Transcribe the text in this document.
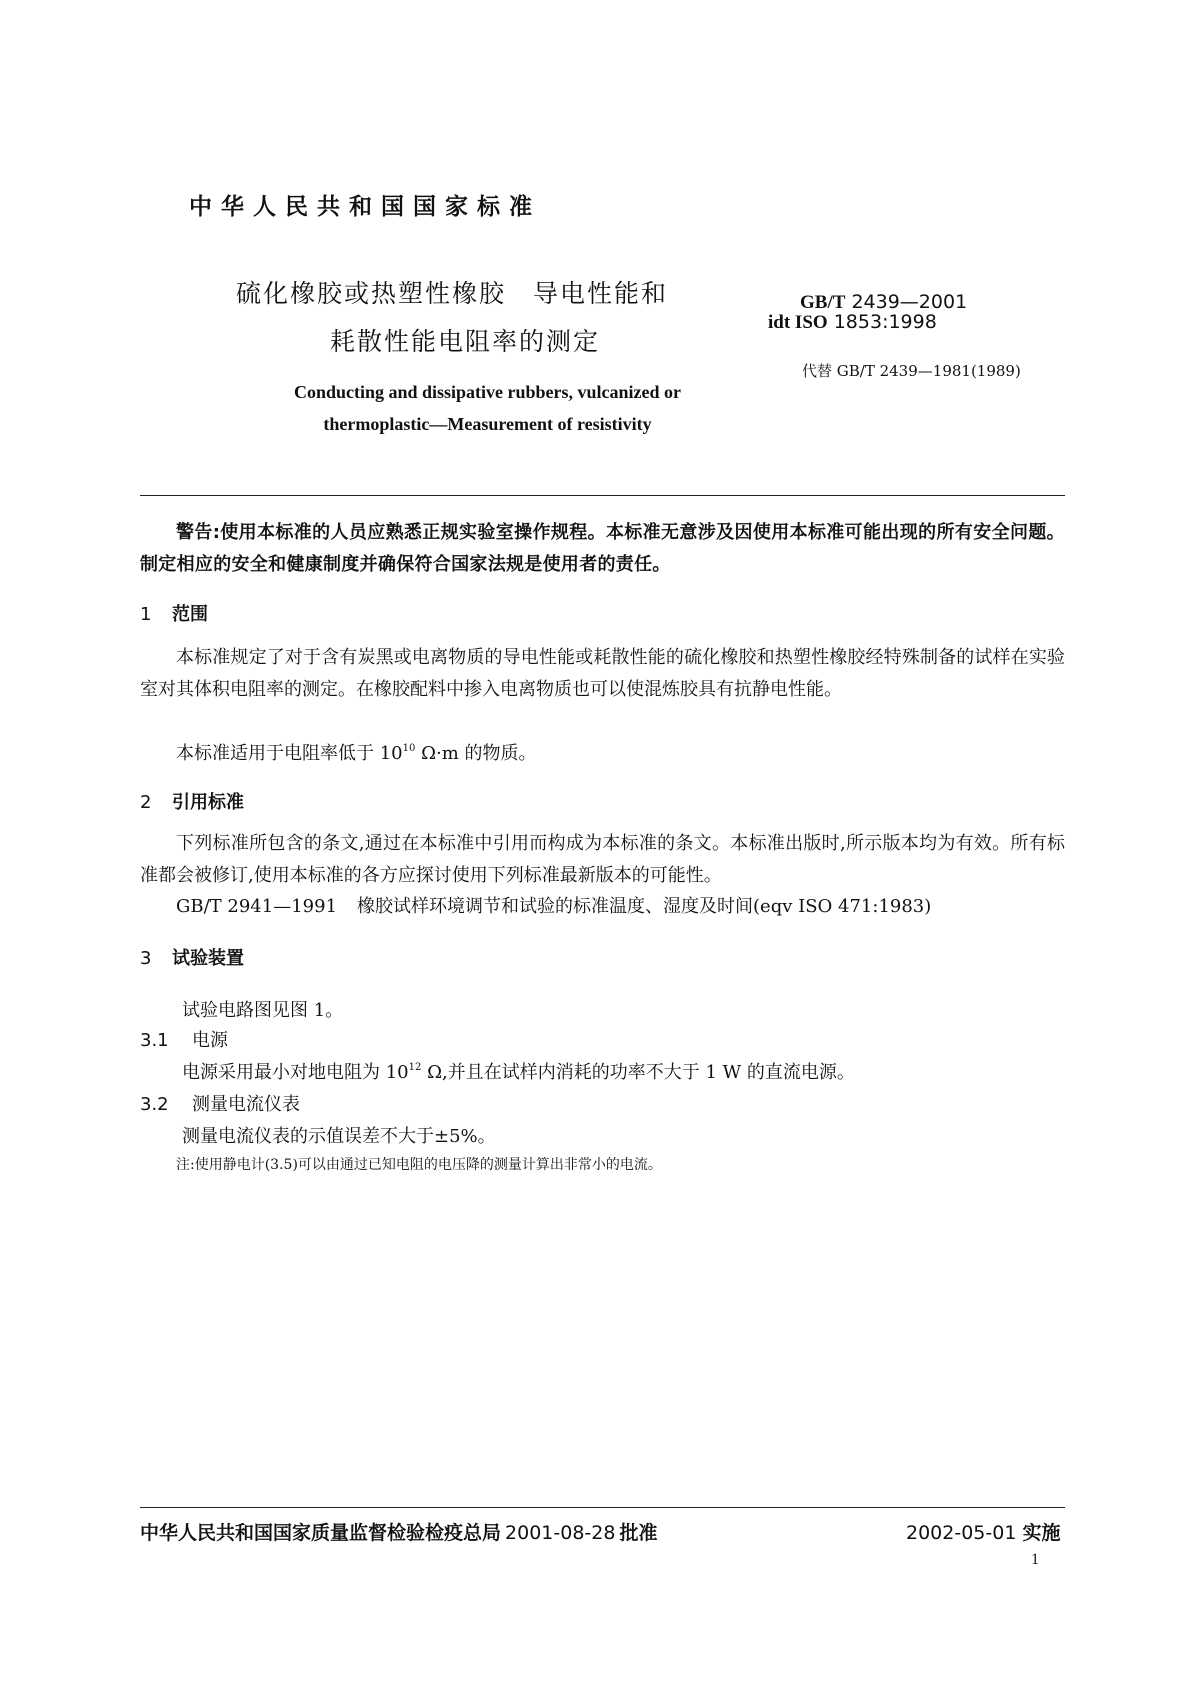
中华人民共和国国家标准
硫化橡胶或热塑性橡胶　导电性能和
耗散性能电阻率的测定
GB/T 2439—2001
idt ISO 1853:1998
代替 GB/T 2439—1981(1989)
Conducting and dissipative rubbers, vulcanized or
thermoplastic—Measurement of resistivity
警告:使用本标准的人员应熟悉正规实验室操作规程。本标准无意涉及因使用本标准可能出现的所有安全问题。制定相应的安全和健康制度并确保符合国家法规是使用者的责任。
1 范围
本标准规定了对于含有炭黑或电离物质的导电性能或耗散性能的硫化橡胶和热塑性橡胶经特殊制备的试样在实验室对其体积电阻率的测定。在橡胶配料中掺入电离物质也可以使混炼胶具有抗静电性能。
本标准适用于电阻率低于 $10^{10}$ Ω·m 的物质。
2 引用标准
下列标准所包含的条文,通过在本标准中引用而构成为本标准的条文。本标准出版时,所示版本均为有效。所有标准都会被修订,使用本标准的各方应探讨使用下列标准最新版本的可能性。
GB/T 2941—1991 橡胶试样环境调节和试验的标准温度、湿度及时间(eqv ISO 471:1983)
3 试验装置
试验电路图见图 1。
3.1 电源
电源采用最小对地电阻为 $10^{12}$ Ω,并且在试样内消耗的功率不大于 1 W 的直流电源。
3.2 测量电流仪表
测量电流仪表的示值误差不大于±5%。
注:使用静电计(3.5)可以由通过已知电阻的电压降的测量计算出非常小的电流。
中华人民共和国国家质量监督检验检疫总局 2001-08-28 批准	2002-05-01 实施
1
